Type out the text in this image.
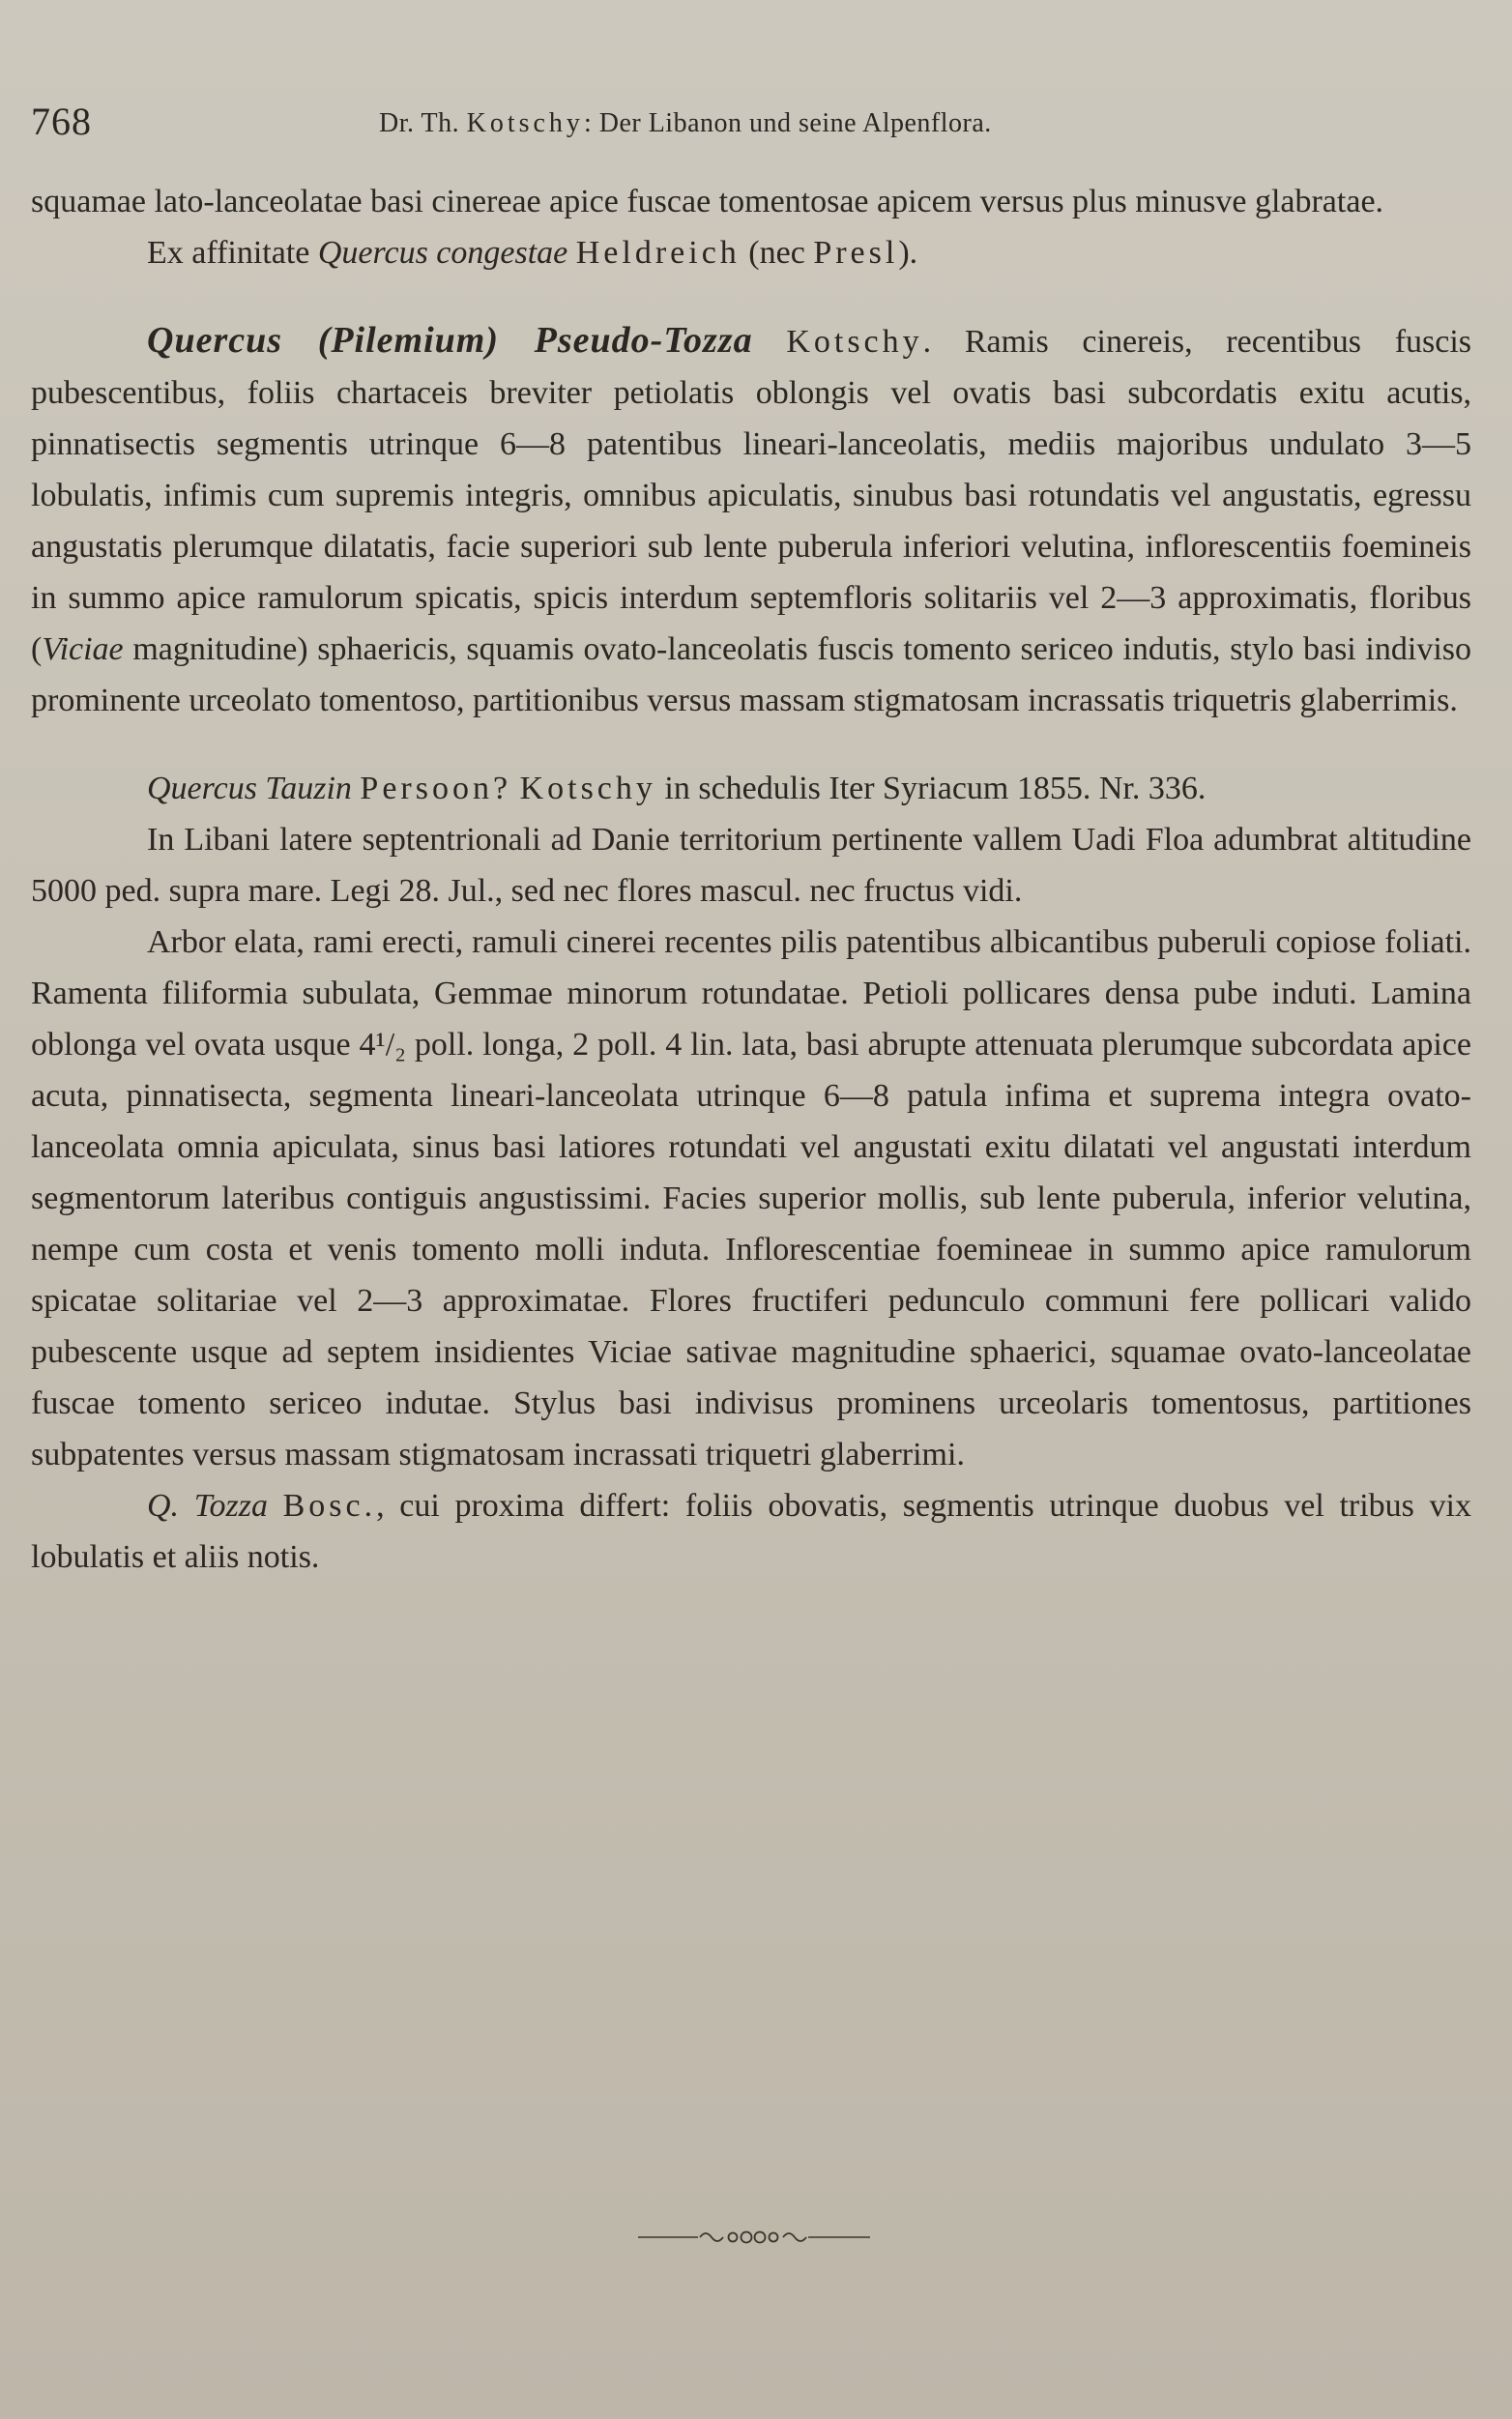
768	Dr. Th. Kotschy: Der Libanon und seine Alpenflora.

squamae lato-lanceolatae basi cinereae apice fuscae tomentosae apicem versus plus minusve glabratae.

Ex affinitate Quercus congestae Heldreich (nec Presl).

Quercus (Pilemium) Pseudo-Tozza Kotschy. Ramis cinereis, recentibus fuscis pubescentibus, foliis chartaceis breviter petiolatis oblongis vel ovatis basi subcordatis exitu acutis, pinnatisectis segmentis utrinque 6—8 patentibus lineari-lanceolatis, mediis majoribus undulato 3—5 lobulatis, infimis cum supremis integris, omnibus apiculatis, sinubus basi rotundatis vel angustatis, egressu angustatis plerumque dilatatis, facie superiori sub lente puberula inferiori velutina, inflorescentiis foemineis in summo apice ramulorum spicatis, spicis interdum septemfloris solitariis vel 2—3 approximatis, floribus (Viciae magnitudine) sphaericis, squamis ovato-lanceolatis fuscis tomento sericeo indutis, stylo basi indiviso prominente urceolato tomentoso, partitionibus versus massam stigmatosam incrassatis triquetris glaberrimis.

Quercus Tauzin Persoon? Kotschy in schedulis Iter Syriacum 1855. Nr. 336.

In Libani latere septentrionali ad Danie territorium pertinente vallem Uadi Floa adumbrat altitudine 5000 ped. supra mare. Legi 28. Jul., sed nec flores mascul. nec fructus vidi.

Arbor elata, rami erecti, ramuli cinerei recentes pilis patentibus albicantibus puberuli copiose foliati. Ramenta filiformia subulata, Gemmae minorum rotundatae. Petioli pollicares densa pube induti. Lamina oblonga vel ovata usque 4¹/₂ poll. longa, 2 poll. 4 lin. lata, basi abrupte attenuata plerumque subcordata apice acuta, pinnatisecta, segmenta lineari-lanceolata utrinque 6—8 patula infima et suprema integra ovato-lanceolata omnia apiculata, sinus basi latiores rotundati vel angustati exitu dilatati vel angustati interdum segmentorum lateribus contiguis angustissimi. Facies superior mollis, sub lente puberula, inferior velutina, nempe cum costa et venis tomento molli induta. Inflorescentiae foemineae in summo apice ramulorum spicatae solitariae vel 2—3 approximatae. Flores fructiferi pedunculo communi fere pollicari valido pubescente usque ad septem insidientes Viciae sativae magnitudine sphaerici, squamae ovato-lanceolatae fuscae tomento sericeo indutae. Stylus basi indivisus prominens urceolaris tomentosus, partitiones subpatentes versus massam stigmatosam incrassati triquetri glaberrimi.

Q. Tozza Bosc., cui proxima differt: foliis obovatis, segmentis utrinque duobus vel tribus vix lobulatis et aliis notis.
